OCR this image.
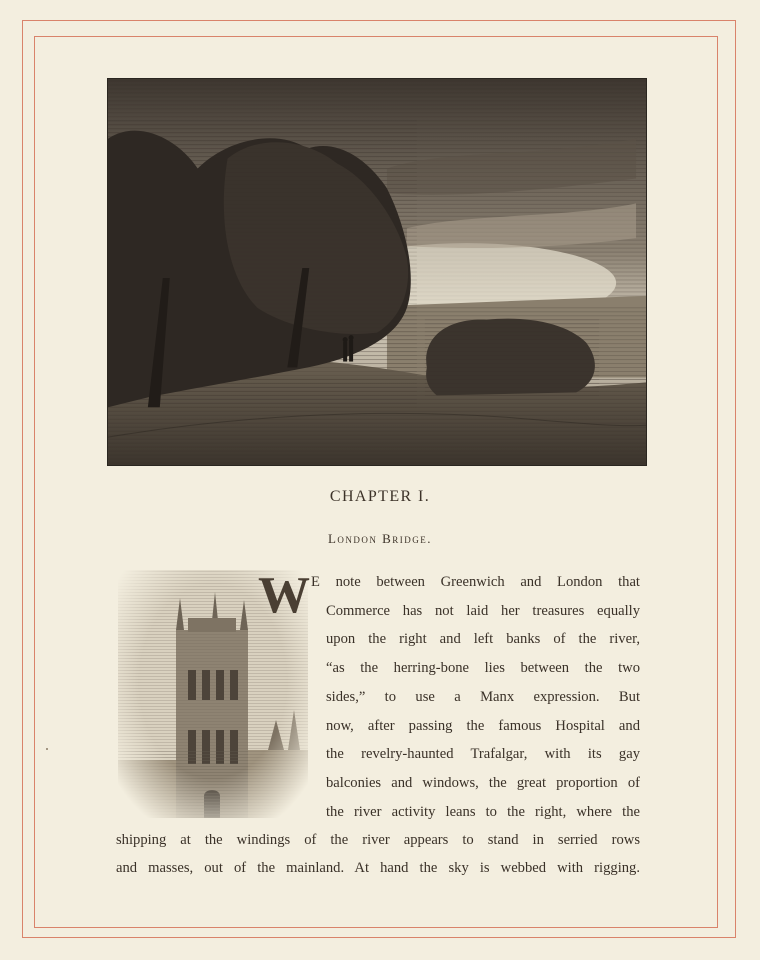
CHAPTER I.
London Bridge.
W E note between Greenwich and London that
Commerce has not laid her treasures equally
upon the right and left banks of the river,
“as the herring-bone lies between the two
sides,” to use a Manx expression. But
now, after passing the famous Hospital and
the revelry-haunted Trafalgar, with its gay
balconies and windows, the great proportion of
the river activity leans to the right, where the
shipping at the windings of the river appears to stand in serried rows
and masses, out of the mainland. At hand the sky is webbed with rigging.
